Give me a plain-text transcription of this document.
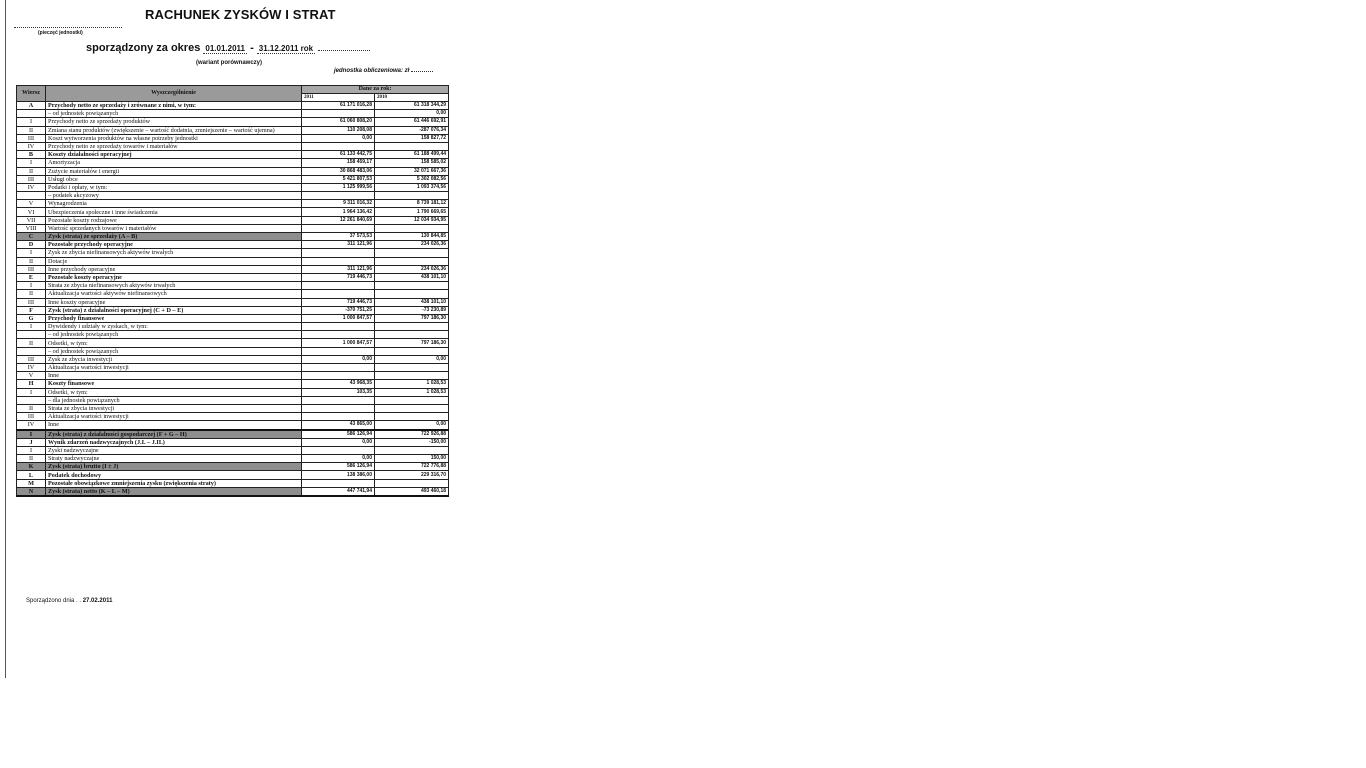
RACHUNEK ZYSKÓW I STRAT
(pieczęć jednostki)
sporządzony za okres 01.01.2011 - 31.12.2011 rok
(wariant porównawczy)
jednostka obliczeniowa: zł
Wiersz	Wyszczególnienie	Dane za rok:	
		2011	2010
A	Przychody netto ze sprzedaży i zrównane z nimi, w tym:	61 171 016,28	61 318 344,29
	– od jednostek powiązanych		0,00
I	Przychody netto ze sprzedaży produktów	61 060 808,20	61 446 692,91
II	Zmiana stanu produktów (zwiększenie – wartość dodatnia, zmniejszenie – wartość ujemna)	110 208,08	-287 076,34
III	Koszt wytworzenia produktów na własne potrzeby jednostki	0,00	158 827,72
IV	Przychody netto ze sprzedaży towarów i materiałów		
B	Koszty działalności operacyjnej	61 133 442,75	61 188 499,44
I	Amortyzacja	158 459,17	158 585,02
II	Zużycie materiałów i energii	30 868 483,06	32 071 667,36
III	Usługi obce	5 421 807,53	5 302 082,56
IV	Podatki i opłaty, w tym:	1 125 999,56	1 093 374,56
	– podatek akcyzowy		
V	Wynagrodzenia	9 311 016,32	8 739 181,12
VI	Ubezpieczenia społeczne i inne świadczenia	1 964 136,42	1 790 669,65
VII	Pozostałe koszty rodzajowe	12 261 840,69	12 034 934,95
VIII	Wartość sprzedanych towarów i materiałów		
C	Zysk (strata) ze sprzedaży (A – B)	37 573,53	130 844,85
D	Pozostałe przychody operacyjne	311 121,96	234 026,36
I	Zysk ze zbycia niefinansowych aktywów trwałych		
II	Dotacje		
III	Inne przychody operacyjne	311 121,96	234 026,36
E	Pozostałe koszty operacyjne	719 446,73	438 101,10
I	Strata ze zbycia niefinansowych aktywów trwałych		
II	Aktualizacja wartości aktywów niefinansowych		
III	Inne koszty operacyjne	719 446,73	438 101,10
F	Zysk (strata) z działalności operacyjnej (C + D – E)	-370 751,25	-73 230,89
G	Przychody finansowe	1 000 847,57	797 186,30
I	Dywidendy i udziały w zyskach, w tym:		
	– od jednostek powiązanych		
II	Odsetki, w tym:	1 000 847,57	797 186,30
	– od jednostek powiązanych		
III	Zysk ze zbycia inwestycji	0,00	0,00
IV	Aktualizacja wartości inwestycji		
V	Inne		
H	Koszty finansowe	43 968,35	1 028,53
I	Odsetki, w tym:	103,35	1 028,53
	– dla jednostek powiązanych		
II	Strata ze zbycia inwestycji		
III	Aktualizacja wartości inwestycji		
IV	Inne	43 865,00	0,00
I	Zysk (strata) z działalności gospodarczej (F + G – H)	586 126,94	722 926,88
J	Wynik zdarzeń nadzwyczajnych (J.I. – J.II.)	0,00	-150,00
I	Zyski nadzwyczajne		
II	Straty nadzwyczajne	0,00	150,00
K	Zysk (strata) brutto (I ± J)	586 126,94	722 776,88
L	Podatek dochodowy	138 386,00	229 316,70
M	Pozostałe obowiązkowe zmniejszenia zysku (zwiększenia straty)		
N	Zysk (strata) netto (K – L – M)	447 741,94	493 460,18
Sporządzono dnia . . 27.02.2011
